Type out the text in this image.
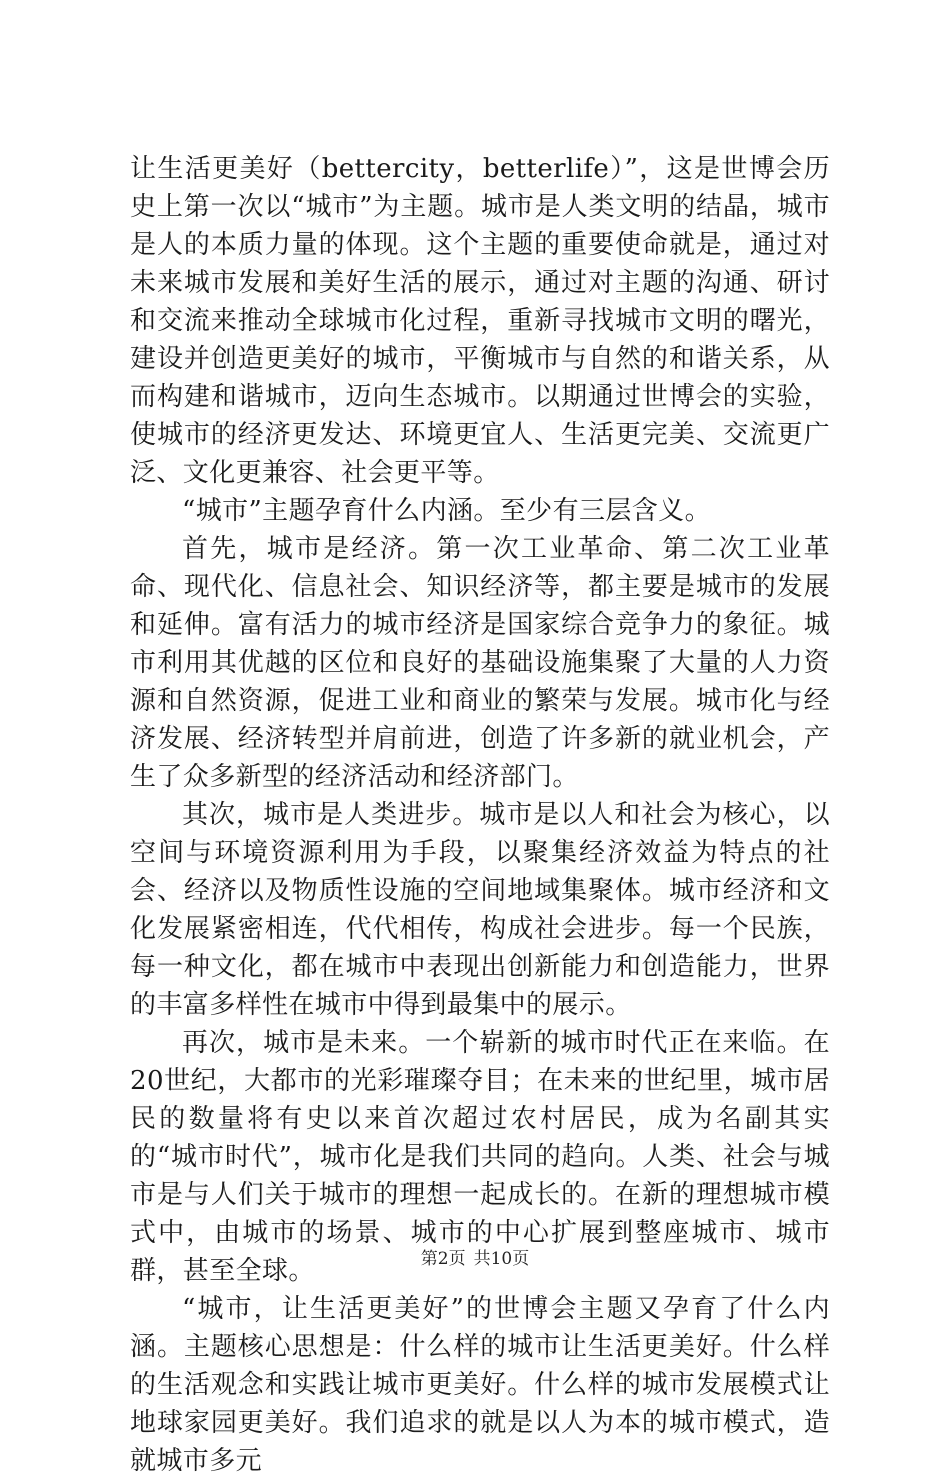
让生活更美好（bettercity，betterlife）”，这是世博会历史上第一次以“城市”为主题。城市是人类文明的结晶，城市是人的本质力量的体现。这个主题的重要使命就是，通过对未来城市发展和美好生活的展示，通过对主题的沟通、研讨和交流来推动全球城市化过程，重新寻找城市文明的曙光，建设并创造更美好的城市，平衡城市与自然的和谐关系，从而构建和谐城市，迈向生态城市。以期通过世博会的实验，使城市的经济更发达、环境更宜人、生活更完美、交流更广泛、文化更兼容、社会更平等。

“城市”主题孕育什么内涵。至少有三层含义。

首先，城市是经济。第一次工业革命、第二次工业革命、现代化、信息社会、知识经济等，都主要是城市的发展和延伸。富有活力的城市经济是国家综合竞争力的象征。城市利用其优越的区位和良好的基础设施集聚了大量的人力资源和自然资源，促进工业和商业的繁荣与发展。城市化与经济发展、经济转型并肩前进，创造了许多新的就业机会，产生了众多新型的经济活动和经济部门。

其次，城市是人类进步。城市是以人和社会为核心，以空间与环境资源利用为手段，以聚集经济效益为特点的社会、经济以及物质性设施的空间地域集聚体。城市经济和文化发展紧密相连，代代相传，构成社会进步。每一个民族，每一种文化，都在城市中表现出创新能力和创造能力，世界的丰富多样性在城市中得到最集中的展示。

再次，城市是未来。一个崭新的城市时代正在来临。在20世纪，大都市的光彩璀璨夺目；在未来的世纪里，城市居民的数量将有史以来首次超过农村居民，成为名副其实的“城市时代”，城市化是我们共同的趋向。人类、社会与城市是与人们关于城市的理想一起成长的。在新的理想城市模式中，由城市的场景、城市的中心扩展到整座城市、城市群，甚至全球。

“城市，让生活更美好”的世博会主题又孕育了什么内涵。主题核心思想是：什么样的城市让生活更美好。什么样的生活观念和实践让城市更美好。什么样的城市发展模式让地球家园更美好。我们追求的就是以人为本的城市模式，造就城市多元

第2页 共10页
